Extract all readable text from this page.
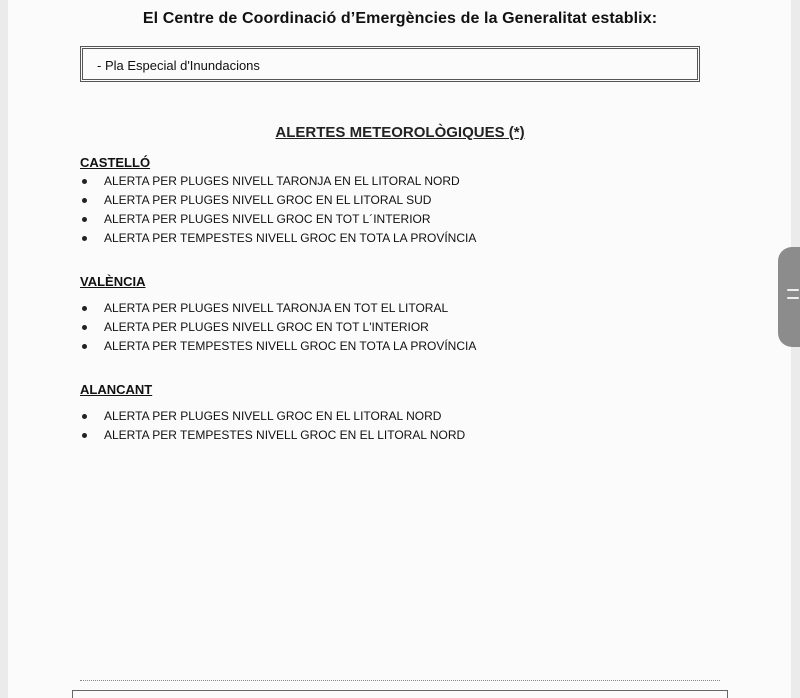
El Centre de Coordinació d’Emergències de la Generalitat establix:
- Pla Especial d'Inundacions
ALERTES METEOROLÒGIQUES (*)
CASTELLÓ
ALERTA PER PLUGES NIVELL TARONJA EN EL LITORAL NORD
ALERTA PER PLUGES NIVELL GROC EN EL LITORAL SUD
ALERTA PER PLUGES NIVELL GROC EN TOT L´INTERIOR
ALERTA PER TEMPESTES NIVELL GROC EN TOTA LA PROVÍNCIA
VALÈNCIA
ALERTA PER PLUGES NIVELL TARONJA EN TOT EL LITORAL
ALERTA PER PLUGES NIVELL GROC EN TOT L'INTERIOR
ALERTA PER TEMPESTES NIVELL GROC EN TOTA LA PROVÍNCIA
ALANCANT
ALERTA PER PLUGES NIVELL GROC EN EL LITORAL NORD
ALERTA PER TEMPESTES NIVELL GROC EN EL LITORAL NORD
